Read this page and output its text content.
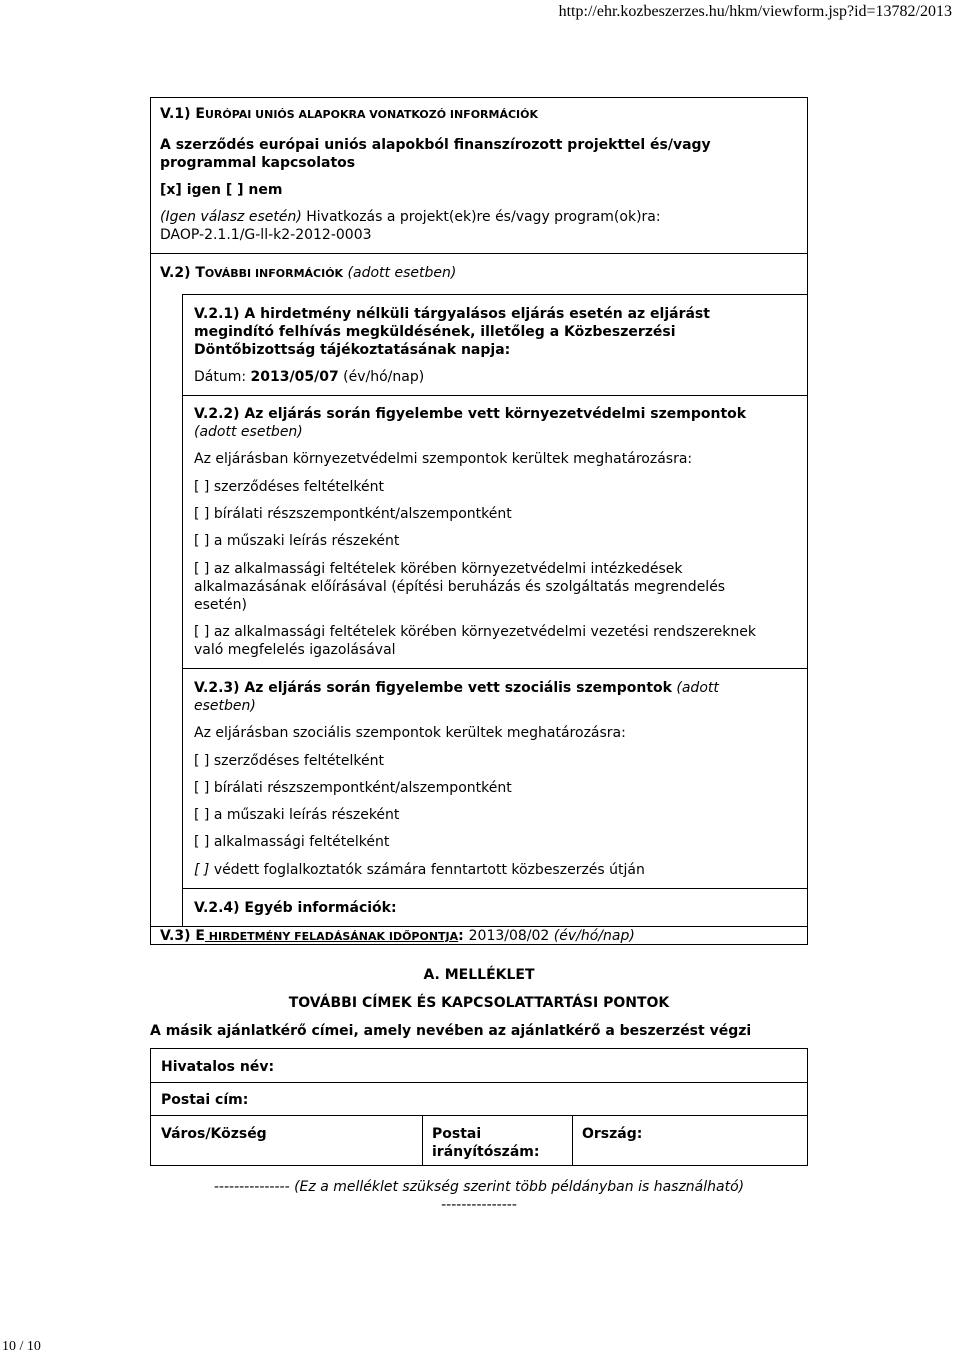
http://ehr.kozbeszerzes.hu/hkm/viewform.jsp?id=13782/2013
V.1) EURÓPAI UNIÓS ALAPOKRA VONATKOZÓ INFORMÁCIÓK
A szerződés európai uniós alapokból finanszírozott projekttel és/vagy
programmal kapcsolatos
[x] igen [ ] nem
(Igen válasz esetén) Hivatkozás a projekt(ek)re és/vagy program(ok)ra:
DAOP-2.1.1/G-ll-k2-2012-0003
V.2) TOVÁBBI INFORMÁCIÓK (adott esetben)
V.2.1) A hirdetmény nélküli tárgyalásos eljárás esetén az eljárást
megindító felhívás megküldésének, illetőleg a Közbeszerzési
Döntőbizottság tájékoztatásának napja:
Dátum: 2013/05/07 (év/hó/nap)
V.2.2) Az eljárás során figyelembe vett környezetvédelmi szempontok
(adott esetben)
Az eljárásban környezetvédelmi szempontok kerültek meghatározásra:
[ ] szerződéses feltételként
[ ] bírálati részszempontként/alszempontként
[ ] a műszaki leírás részeként
[ ] az alkalmassági feltételek körében környezetvédelmi intézkedések
alkalmazásának előírásával (építési beruházás és szolgáltatás megrendelés
esetén)
[ ] az alkalmassági feltételek körében környezetvédelmi vezetési rendszereknek
való megfelelés igazolásával
V.2.3) Az eljárás során figyelembe vett szociális szempontok (adott
esetben)
Az eljárásban szociális szempontok kerültek meghatározásra:
[ ] szerződéses feltételként
[ ] bírálati részszempontként/alszempontként
[ ] a műszaki leírás részeként
[ ] alkalmassági feltételként
[ ] védett foglalkoztatók számára fenntartott közbeszerzés útján
V.2.4) Egyéb információk:
V.3) E HIRDETMÉNY FELADÁSÁNAK IDŐPONTJA: 2013/08/02 (év/hó/nap)
A. MELLÉKLET
TOVÁBBI CÍMEK ÉS KAPCSOLATTARTÁSI PONTOK
A másik ajánlatkérő címei, amely nevében az ajánlatkérő a beszerzést végzi
Hivatalos név:
Postai cím:
Város/Község	Postai
irányítószám:
Ország:
--------------- (Ez a melléklet szükség szerint több példányban is használható)
---------------
10 / 10
